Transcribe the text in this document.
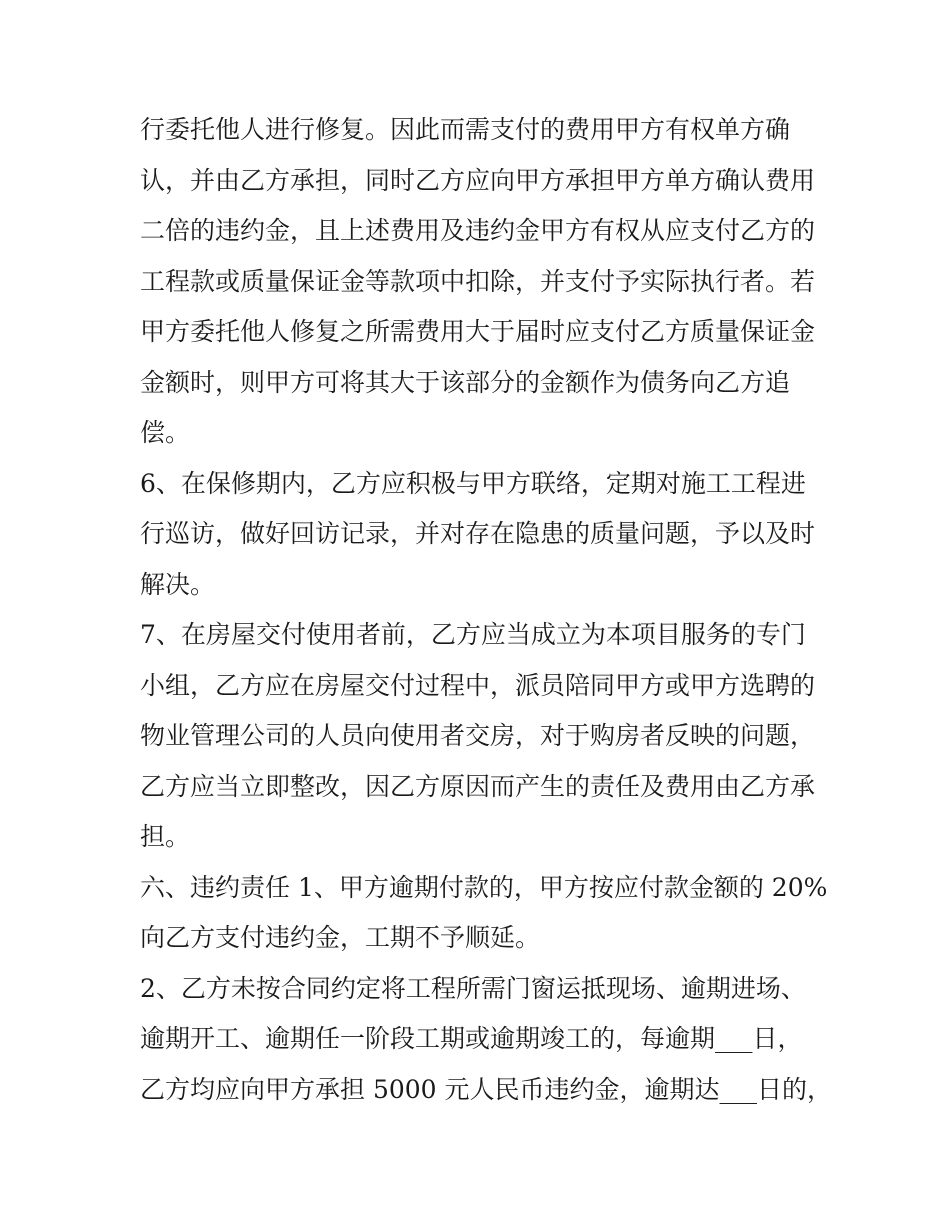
行委托他人进行修复。因此而需支付的费用甲方有权单方确
认，并由乙方承担，同时乙方应向甲方承担甲方单方确认费用
二倍的违约金，且上述费用及违约金甲方有权从应支付乙方的
工程款或质量保证金等款项中扣除，并支付予实际执行者。若
甲方委托他人修复之所需费用大于届时应支付乙方质量保证金
金额时，则甲方可将其大于该部分的金额作为债务向乙方追
偿。
6、在保修期内，乙方应积极与甲方联络，定期对施工工程进
行巡访，做好回访记录，并对存在隐患的质量问题，予以及时
解决。
7、在房屋交付使用者前，乙方应当成立为本项目服务的专门
小组，乙方应在房屋交付过程中，派员陪同甲方或甲方选聘的
物业管理公司的人员向使用者交房，对于购房者反映的问题，
乙方应当立即整改，因乙方原因而产生的责任及费用由乙方承
担。
六、违约责任 1、甲方逾期付款的，甲方按应付款金额的 20%
向乙方支付违约金，工期不予顺延。
2、乙方未按合同约定将工程所需门窗运抵现场、逾期进场、
逾期开工、逾期任一阶段工期或逾期竣工的，每逾期___日，
乙方均应向甲方承担 5000 元人民币违约金，逾期达___日的，
